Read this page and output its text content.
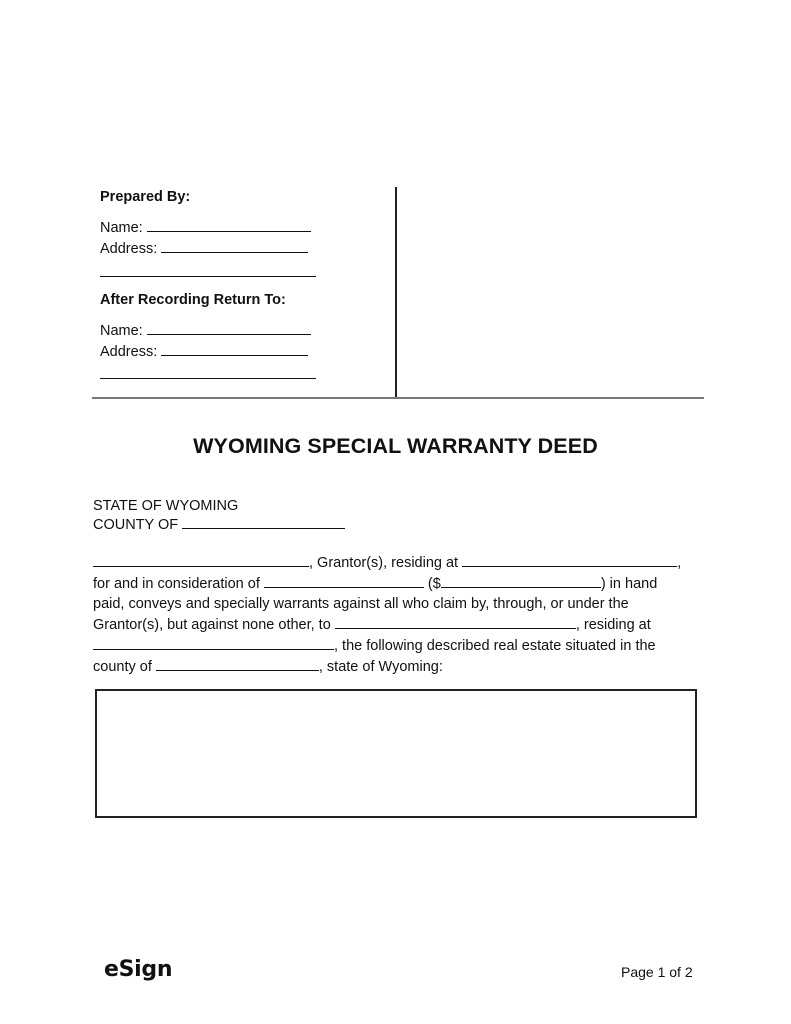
Prepared By:
Name:
Address:
After Recording Return To:
Name:
Address:
WYOMING SPECIAL WARRANTY DEED
STATE OF WYOMING
COUNTY OF
, Grantor(s), residing at	,
for and in consideration of	($	) in hand
paid, conveys and specially warrants against all who claim by, through, or under the
Grantor(s), but against none other, to	, residing at
, the following described real estate situated in the
county of	, state of Wyoming:
eSign	Page 1 of 2
